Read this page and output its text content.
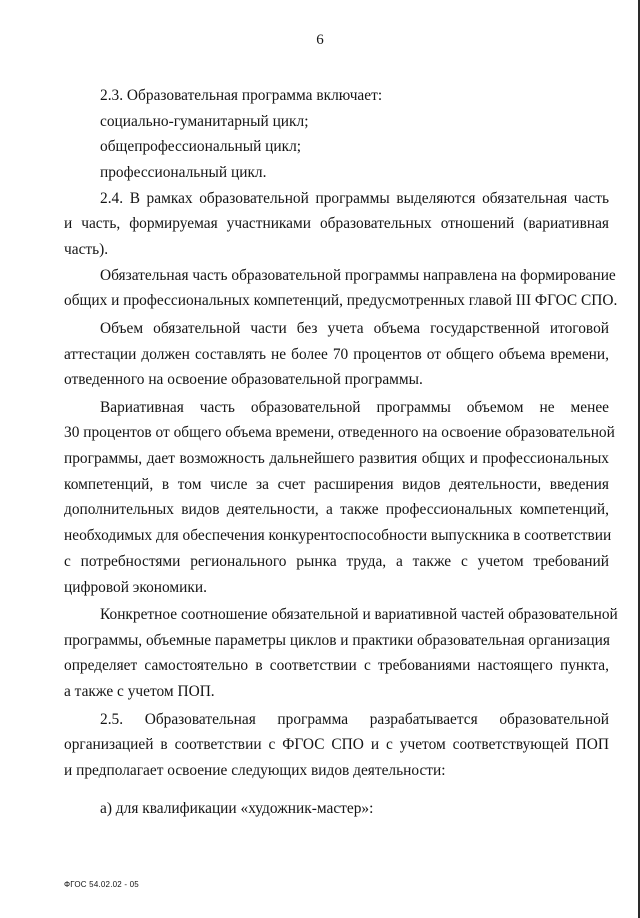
6
2.3. Образовательная программа включает:
социально-гуманитарный цикл;
общепрофессиональный цикл;
профессиональный цикл.
2.4. В рамках образовательной программы выделяются обязательная часть
и часть, формируемая участниками образовательных отношений (вариативная
часть).
Обязательная часть образовательной программы направлена на формирование
общих и профессиональных компетенций, предусмотренных главой III ФГОС СПО.
Объем обязательной части без учета объема государственной итоговой
аттестации должен составлять не более 70 процентов от общего объема времени,
отведенного на освоение образовательной программы.
Вариативная часть образовательной программы объемом не менее
30 процентов от общего объема времени, отведенного на освоение образовательной
программы, дает возможность дальнейшего развития общих и профессиональных
компетенций, в том числе за счет расширения видов деятельности, введения
дополнительных видов деятельности, а также профессиональных компетенций,
необходимых для обеспечения конкурентоспособности выпускника в соответствии
с потребностями регионального рынка труда, а также с учетом требований
цифровой экономики.
Конкретное соотношение обязательной и вариативной частей образовательной
программы, объемные параметры циклов и практики образовательная организация
определяет самостоятельно в соответствии с требованиями настоящего пункта,
а также с учетом ПОП.
2.5. Образовательная программа разрабатывается образовательной
организацией в соответствии с ФГОС СПО и с учетом соответствующей ПОП
и предполагает освоение следующих видов деятельности:
а) для квалификации «художник-мастер»:
ФГОС 54.02.02 - 05
